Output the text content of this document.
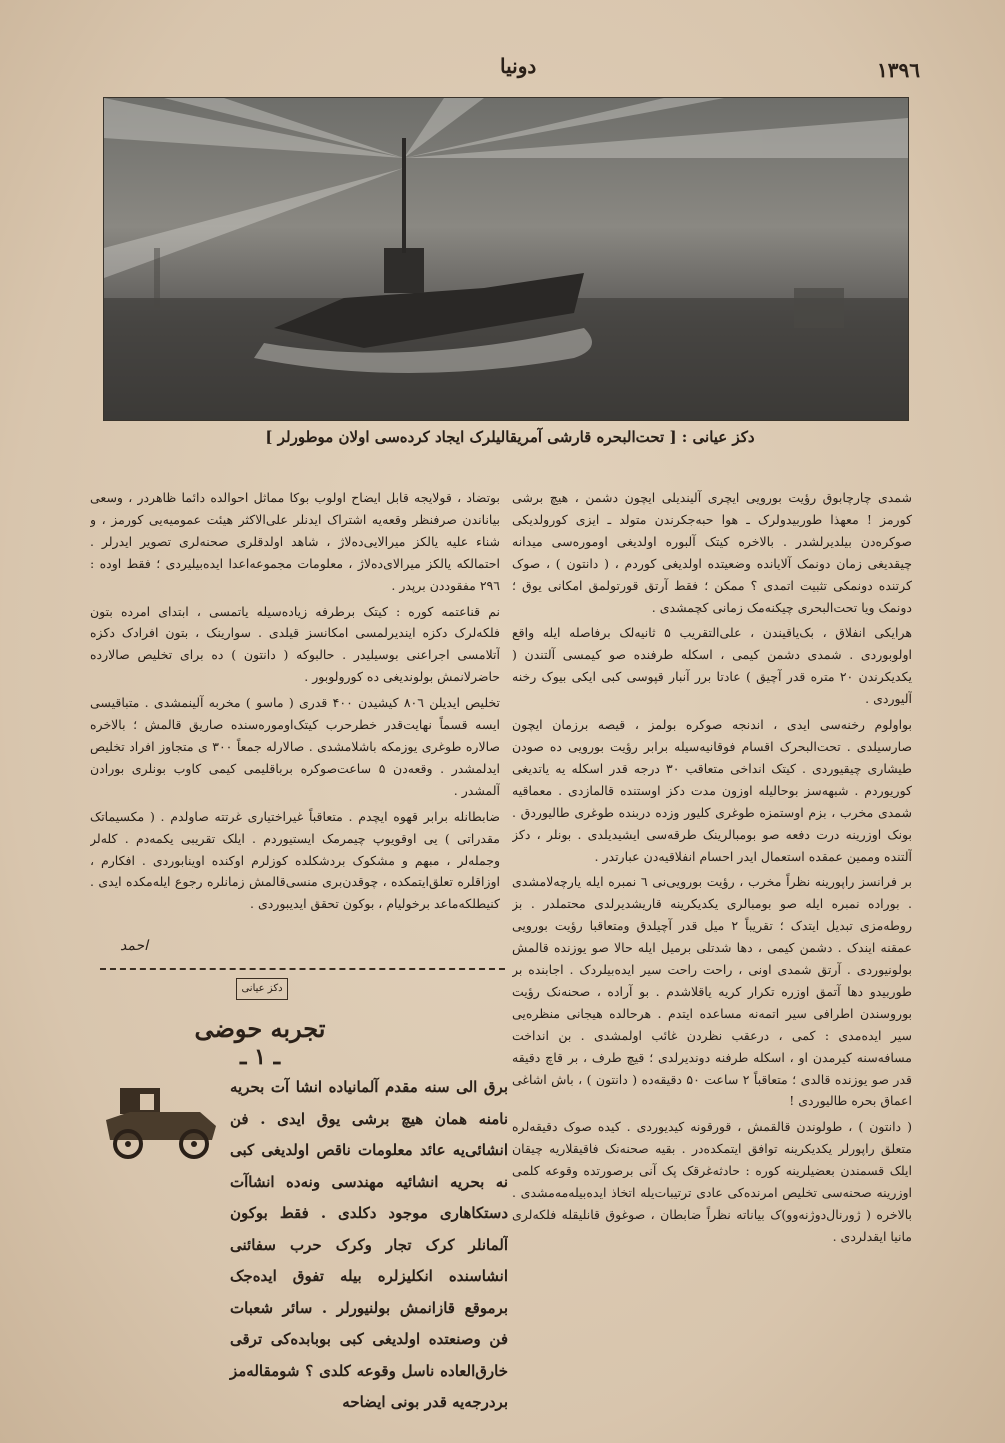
۱۳۹٦
دونیا
دکز عیانی : [ تحت‌البحره قارشی آمریقالیلرک ایجاد کرده‌سی اولان موطورلر ]

شمدی چارچابوق رؤیت بورویی ایچری آلیندیلی ایچون دشمن ، هیچ برشی کورمز ! معهذا طوربیدولرک ـ هوا حبه‌جکرندن متولد ـ ایزی کورولدیکی صوکره‌دن بیلدیرلشدر . بالاخره کیتک آلبوره اولدیغی اوموره‌سی میدانه چیقدیغی زمان دونمک آلایانده وضعیتده اولدیغی کوردم ، ( دانتون ) ، صوک کرتنده دونمکی تثبیت اتمدی ؟ ممکن ؛ فقط آرتق قورتولمق امکانی یوق ؛ دونمک ویا تحت‌البحری چیکنه‌مک زمانی کچمشدی .

هرایکی انفلاق ، بک‌یاقیندن ، علی‌التقریب ۵ ثانیه‌لک برفاصله ایله واقع اولوبوردی . شمدی دشمن کیمی ، اسکله طرفنده صو کیمسی آلتندن ( یکدیکرندن ۲۰ متره قدر آچیق ) عادتا برر آنبار قپوسی کبی ایکی بیوک رخنه آلیوردی .

بواولوم رخنه‌سی ایدی ، اندنجه صوکره بولمز ، قیصه برزمان ایچون صارسیلدی . تحت‌البحرک اقسام فوقانیه‌سیله برابر رؤیت بورویی ده صودن طیشاری چیقیوردی . کیتک انداخی متعاقب ۳۰ درجه قدر اسکله یه یاتدیغی کوریوردم . شبهه‌سز بوحالیله اوزون مدت دکز اوستنده قالمازدی . معماقیه شمدی مخرب ، بزم اوستمزه طوغری کلیور وزده دربنده طوغری طالیوردق . بونک اوزرینه درت دفعه صو بومبالرینک طرقه‌سی ایشیدیلدی . بونلر ، دکز آلتنده وممین عمقده استعمال ایدر احسام انفلاقیه‌دن عبارتدر .

بر فرانسز راپورینه نظراً مخرب ، رؤیت بورویی‌نی ٦ نمبره ایله یارچه‌لامشدی . بوراده نمبره ایله صو بومبالری یکدیکرینه قاریشدیرلدی محتملدر . بز روطه‌مزی تبدیل ایتدک ؛ تقریباً ۲ میل قدر آچیلدق ومتعاقبا رؤیت بورویی عمقنه ایندک . دشمن کیمی ، دها شدتلی برمیل ایله حالا صو یوزنده قالمش بولونیوردی . آرتق شمدی اونی ، راحت راحت سیر ایده‌بیلردک . اجابنده بر طوربیدو دها آتمق اوزره تکرار کریه یاقلاشدم . بو آراده ، صحنه‌نک رؤیت بوروسندن اطرافی سیر اتمه‌نه مساعده ایتدم . هرحالده هیجانی منظره‌یی سیر ایده‌مدی : کمی ، درعقب نظردن غائب اولمشدی . بن انداخت مسافه‌سنه کیرمدن او ، اسکله طرفنه دوندیرلدی ؛ قیچ طرف ، بر قاچ دقیقه قدر صو یوزنده قالدی ؛ متعاقباً ۲ ساعت ۵۰ دقیقه‌ده ( دانتون ) ، باش اشاغی اعماق بحره طالیوردی !

( دانتون ) ، طولوندن قالقمش ، قورقونه کیدیوردی . کیده صوک دقیقه‌لره متعلق راپورلر یکدیکرینه توافق ایتمکده‌در . بقیه صحنه‌نک فاقیقلاریه چیقان ایلک قسمندن بعضیلرینه کوره : حادثه‌غرقک پک آنی برصورتده وقوعه کلمی اوزرینه صحنه‌سی تخلیص امرنده‌کی عادی ترتیبات‌یله اتخاذ ایده‌بیله‌مه‌مشدی . بالاخره ( ژورنال‌دوژنه‌وو)‌ک بیاناته نظراً ضابطان ، صوغوق قانلیقله فلکه‌لری مانیا ایقدلردی .

بوتضاد ، قولایجه قابل ایضاح اولوب بوکا مماثل احوالده دائما ظاهردر ، وسعی بیاناندن صرفنظر وقعه‌یه اشتراک ایدنلر علی‌الاکثر هیئت عمومیه‌یی کورمز ، و شناء علیه یالکز میرالایی‌ده‌لاژ ، شاهد اولدقلری صحنه‌لری تصویر ایدرلر . احتمالکه یالکز میرالای‌ده‌لاژ ، معلومات مجموعه‌اعدا ایده‌بیلیردی ؛ فقط اوده : ۲۹٦ مفقوددن برپدر .

نم قناعتمه کوره : کیتک برطرفه زیاده‌سیله یاتمسی ، ابتدای امرده بتون فلکه‌لرک دکزه ایندیرلمسی امکانسز قیلدی . سوارینک ، بتون افرادک دکزه آتلامسی اجراعنی بوسیلیدر . حالبوکه ( دانتون ) ده برای تخلیص صالارده حاضرلانمش بولوندیغی ده کورولوبور .

تخلیص ایدیلن ۸۰٦ کیشیدن ۴۰۰ قدری ( ماسو ) مخربه آلینمشدی . متباقیسی ایسه قسماً نهایت‌قدر خطرحرب کیتک‌اوموره‌سنده صاریق قالمش ؛ بالاخره صالاره طوغری یوزمکه باشلامشدی . صالارله جمعاً ۳۰۰ ی متجاوز افراد تخلیص ایدلمشدر . وقعه‌دن ۵ ساعت‌صوکره برباقلیمی کیمی کاوب بونلری بورادن آلمشدر .

ضابطانله برابر قهوه ایچدم . متعاقباً غیراختیاری غرتته صاولدم . ( مکسیماتک مقدراتی ) ‌یی اوقویوپ چیمرمک ایستیوردم . ایلک تقریبی یکمه‌دم . کله‌لر وجمله‌لر ، مبهم و مشکوک بردشکلده کوزلرم اوکنده اوینابوردی . افکارم ، اوزاقلره تعلق‌ایتمکده ، چوقدن‌بری منسی‌قالمش زمانلره رجوع ایله‌مکده ایدی . کنیطلکه‌ماعد برخولیام ، بوکون تحقق ایدیبوردی .

احمد
دکز عیانی
تجربه حوضی
ـ ۱ ـ
برق الی سنه مقدم آلمانیاده انشا آت بحریه نامنه همان هیچ برشی یوق ایدی . فن انشائی‌یه عائد معلومات ناقص اولدیغی کبی نه بحریه انشائیه مهندسی ونه‌ده انشاآت دستکاهاری موجود دکلدی . فقط بوکون آلمانلر کرک تجار وکرک حرب سفائنی انشاسنده انکلیزلره بیله تفوق ایده‌جک برموقع قازانمش بولنیورلر . سائر شعبات فن وصنعتده اولدیغی کبی بوبابده‌کی ترقی خارق‌العاده ناسل وقوعه کلدی ؟ شومقاله‌مز بردرجه‌یه قدر بونی ایضاحه
